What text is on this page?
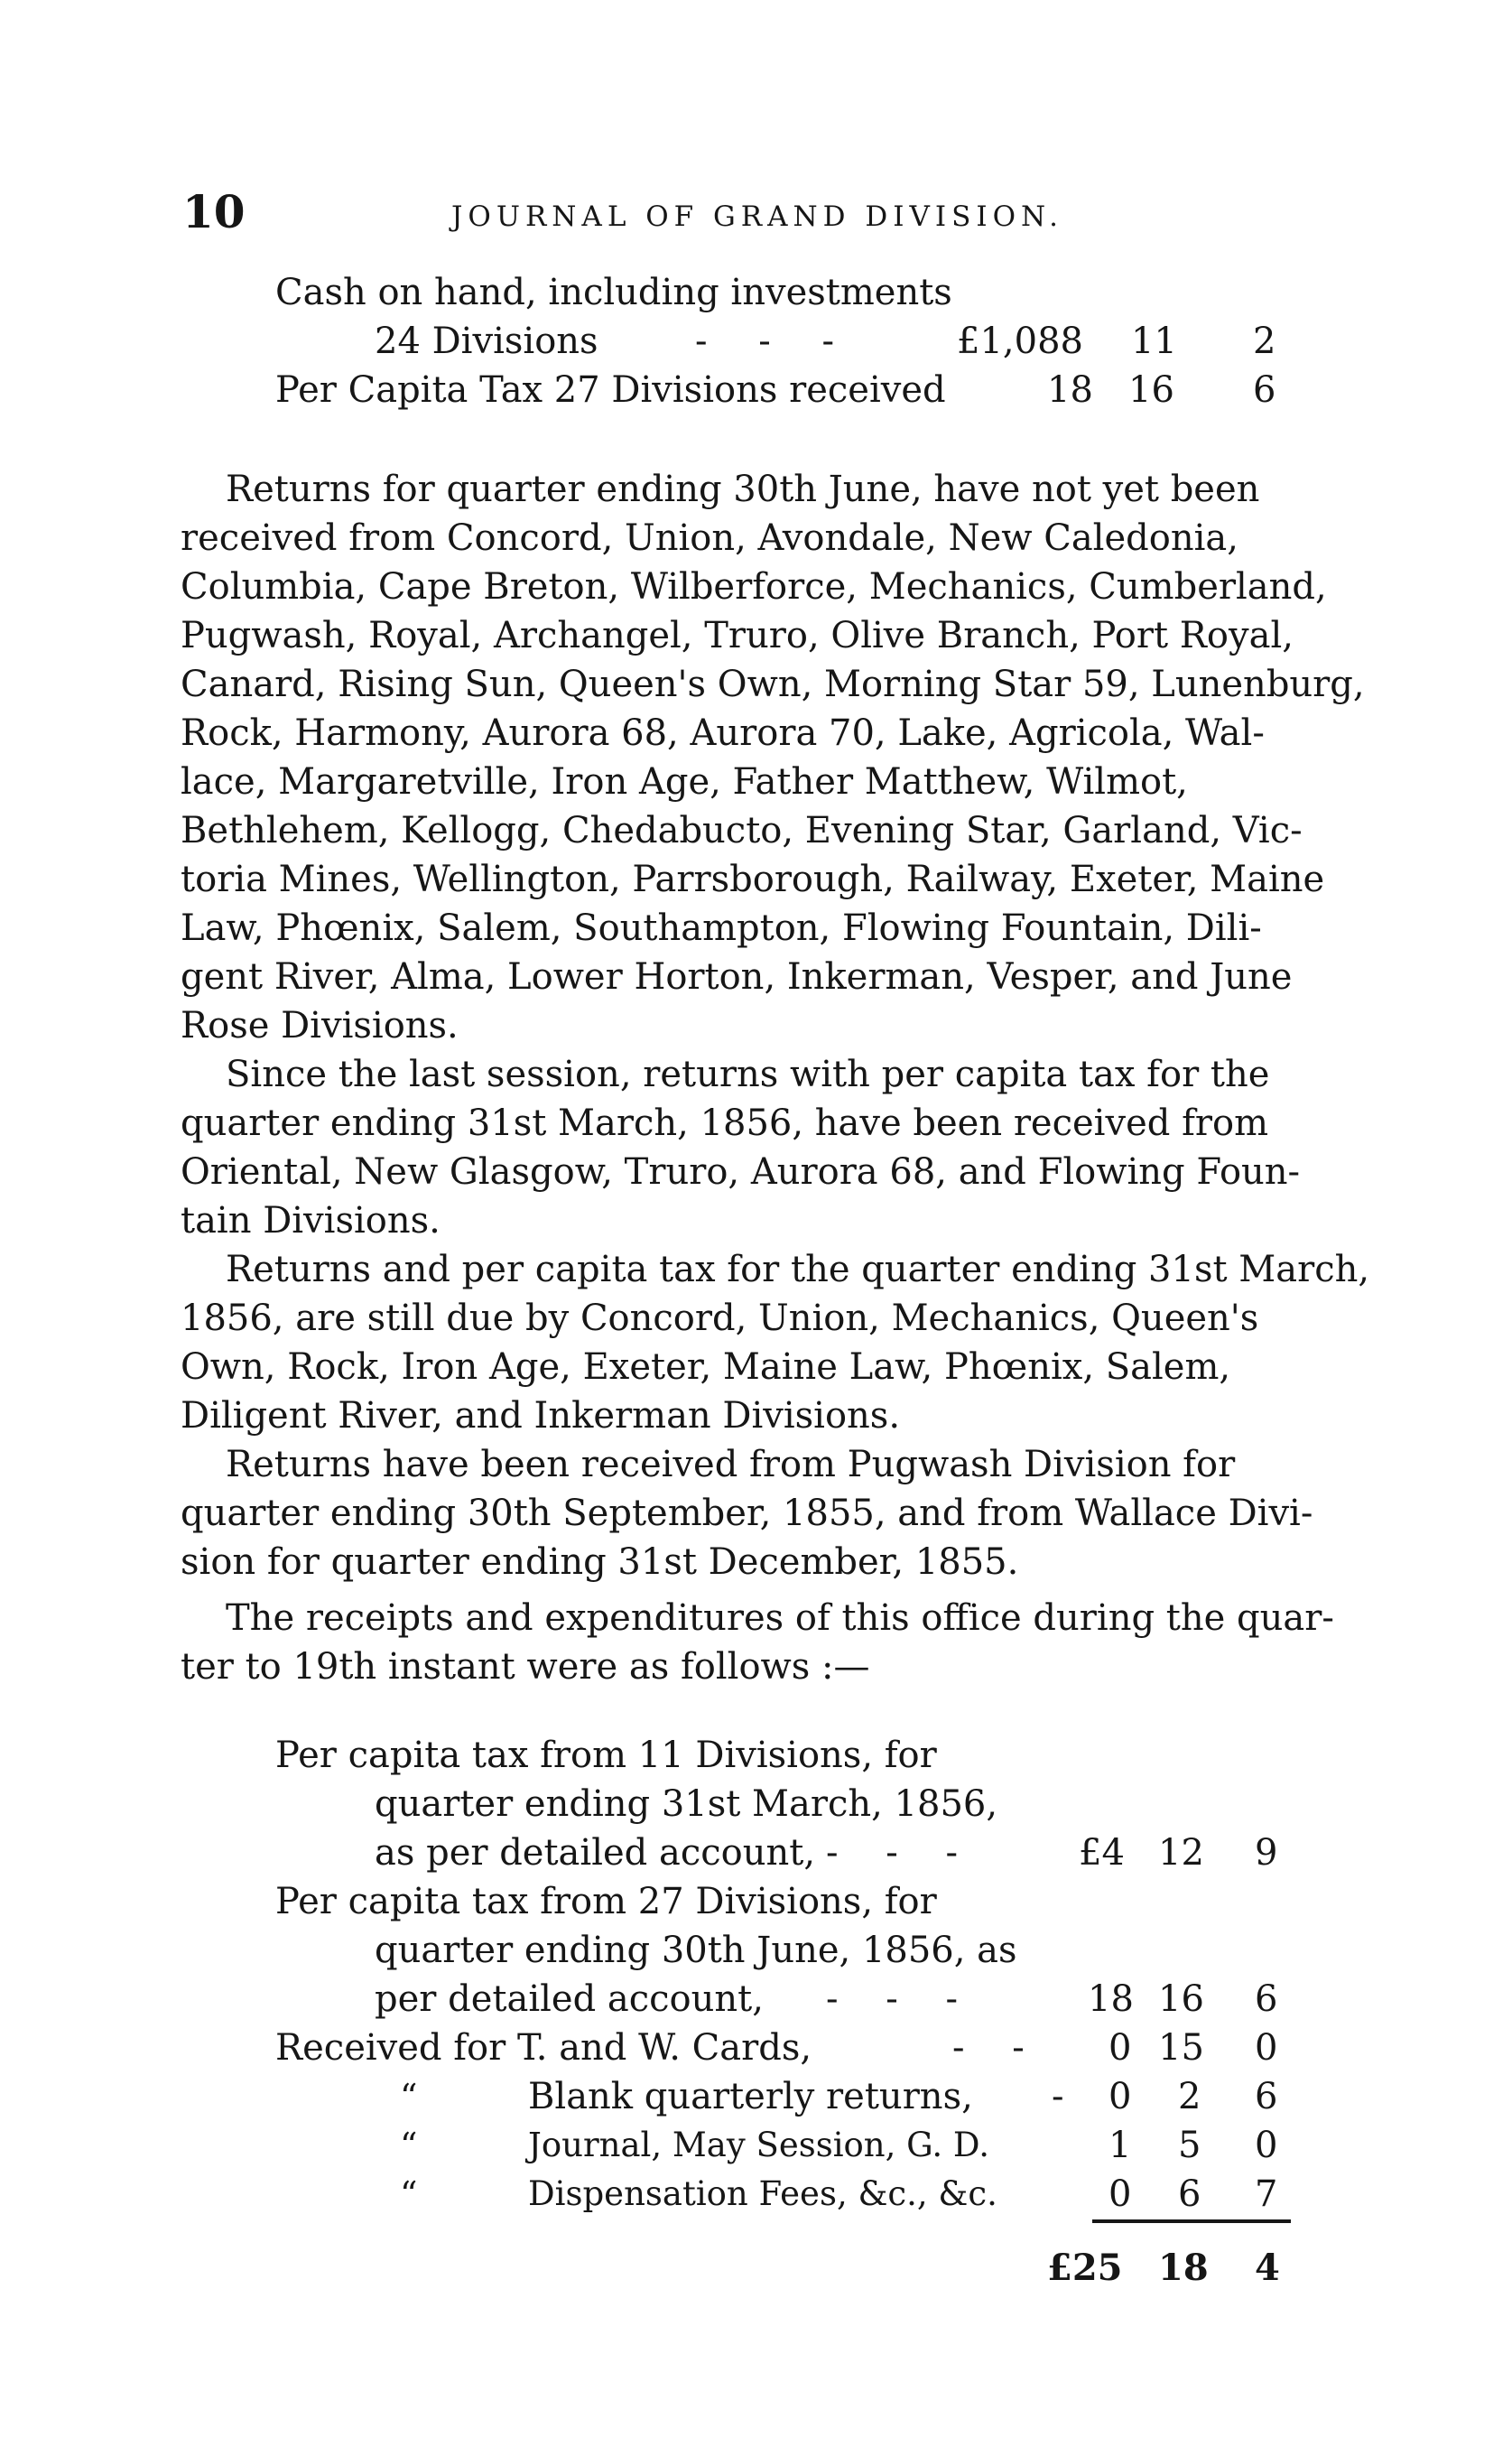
10	JOURNAL OF GRAND DIVISION.
Cash on hand, including investments
24 Divisions	- - -	£1,088 11 2
Per Capita Tax 27 Divisions received	18 16 6
Returns for quarter ending 30th June, have not yet been
received from Concord, Union, Avondale, New Caledonia,
Columbia, Cape Breton, Wilberforce, Mechanics, Cumberland,
Pugwash, Royal, Archangel, Truro, Olive Branch, Port Royal,
Canard, Rising Sun, Queen's Own, Morning Star 59, Lunenburg,
Rock, Harmony, Aurora 68, Aurora 70, Lake, Agricola, Wal-
lace, Margaretville, Iron Age, Father Matthew, Wilmot,
Bethlehem, Kellogg, Chedabucto, Evening Star, Garland, Vic-
toria Mines, Wellington, Parrsborough, Railway, Exeter, Maine
Law, Phœnix, Salem, Southampton, Flowing Fountain, Dili-
gent River, Alma, Lower Horton, Inkerman, Vesper, and June
Rose Divisions.
Since the last session, returns with per capita tax for the
quarter ending 31st March, 1856, have been received from
Oriental, New Glasgow, Truro, Aurora 68, and Flowing Foun-
tain Divisions.
Returns and per capita tax for the quarter ending 31st March,
1856, are still due by Concord, Union, Mechanics, Queen's
Own, Rock, Iron Age, Exeter, Maine Law, Phœnix, Salem,
Diligent River, and Inkerman Divisions.
Returns have been received from Pugwash Division for
quarter ending 30th September, 1855, and from Wallace Divi-
sion for quarter ending 31st December, 1855.
The receipts and expenditures of this office during the quar-
ter to 19th instant were as follows :—
Per capita tax from 11 Divisions, for
quarter ending 31st March, 1856,
as per detailed account, - - -	£4 12 9
Per capita tax from 27 Divisions, for
quarter ending 30th June, 1856, as
per detailed account, - - -	18 16 6
Received for T. and W. Cards,	- - 0 15 0
“	Blank quarterly returns, - 0 2 6
“	Journal, May Session, G. D.	1 5 0
“	Dispensation Fees, &c., &c.	0 6 7
£25 18 4
